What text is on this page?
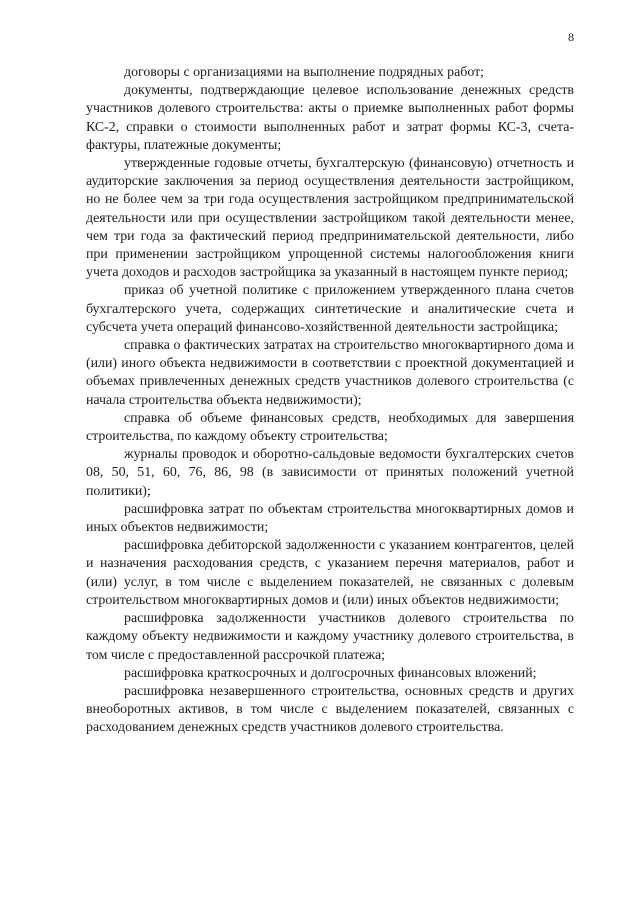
8

договоры с организациями на выполнение подрядных работ;

документы, подтверждающие целевое использование денежных средств участников долевого строительства: акты о приемке выполненных работ формы КС-2, справки о стоимости выполненных работ и затрат формы КС-3, счета-фактуры, платежные документы;

утвержденные годовые отчеты, бухгалтерскую (финансовую) отчетность и аудиторские заключения за период осуществления деятельности застройщиком, но не более чем за три года осуществления застройщиком предпринимательской деятельности или при осуществлении застройщиком такой деятельности менее, чем три года за фактический период предпринимательской деятельности, либо при применении застройщиком упрощенной системы налогообложения книги учета доходов и расходов застройщика за указанный в настоящем пункте период;

приказ об учетной политике с приложением утвержденного плана счетов бухгалтерского учета, содержащих синтетические и аналитические счета и субсчета учета операций финансово-хозяйственной деятельности застройщика;

справка о фактических затратах на строительство многоквартирного дома и (или) иного объекта недвижимости в соответствии с проектной документацией и объемах привлеченных денежных средств участников долевого строительства (с начала строительства объекта недвижимости);

справка об объеме финансовых средств, необходимых для завершения строительства, по каждому объекту строительства;

журналы проводок и оборотно-сальдовые ведомости бухгалтерских счетов 08, 50, 51, 60, 76, 86, 98 (в зависимости от принятых положений учетной политики);

расшифровка затрат по объектам строительства многоквартирных домов и иных объектов недвижимости;

расшифровка дебиторской задолженности с указанием контрагентов, целей и назначения расходования средств, с указанием перечня материалов, работ и (или) услуг, в том числе с выделением показателей, не связанных с долевым строительством многоквартирных домов и (или) иных объектов недвижимости;

расшифровка задолженности участников долевого строительства по каждому объекту недвижимости и каждому участнику долевого строительства, в том числе с предоставленной рассрочкой платежа;

расшифровка краткосрочных и долгосрочных финансовых вложений;

расшифровка незавершенного строительства, основных средств и других внеоборотных активов, в том числе с выделением показателей, связанных с расходованием денежных средств участников долевого строительства.
